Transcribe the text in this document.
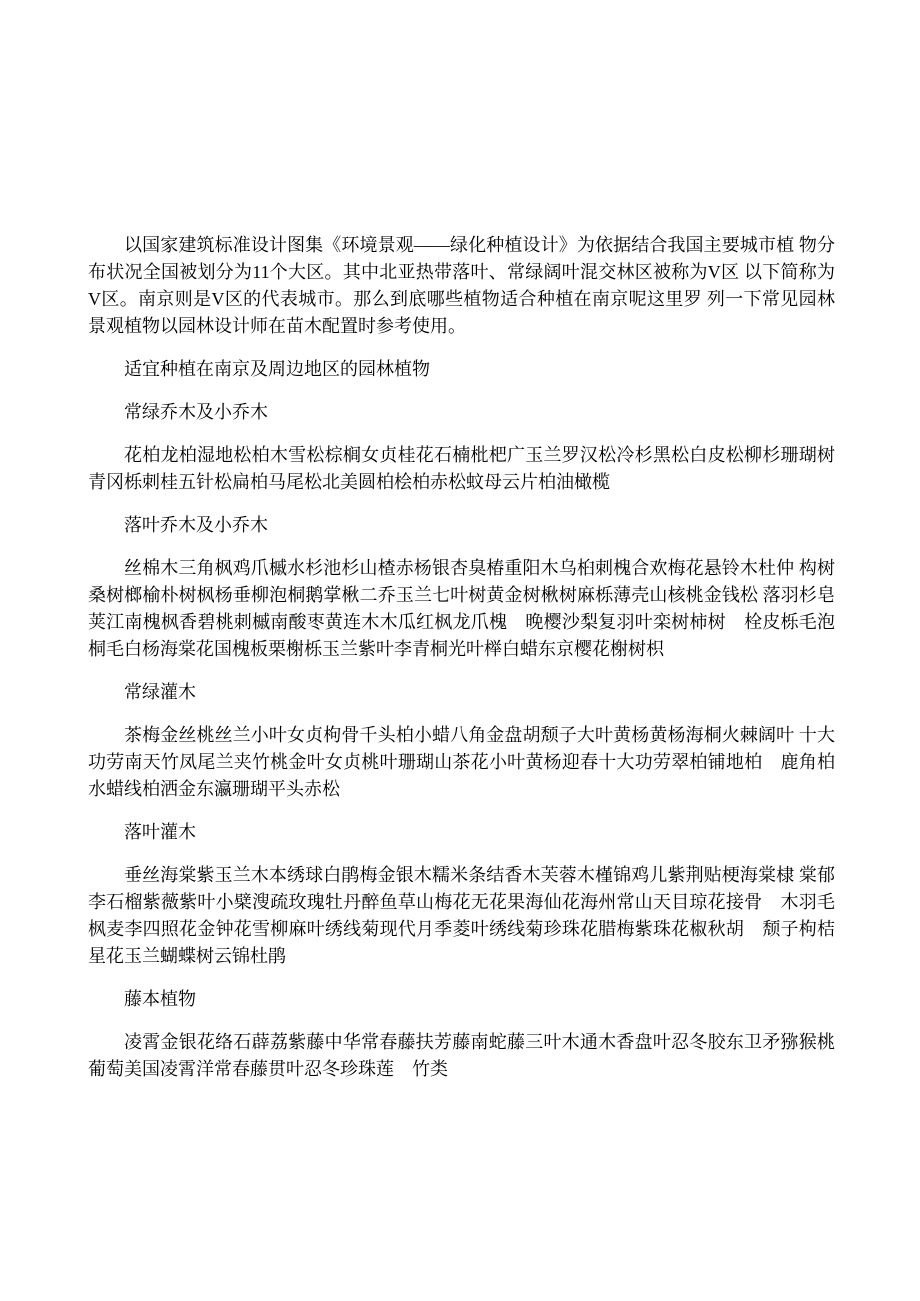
以国家建筑标准设计图集《环境景观——绿化种植设计》为依据结合我国主要城市植 物分布状况全国被划分为11个大区。其中北亚热带落叶、常绿阔叶混交林区被称为V区 以下简称为V区。南京则是V区的代表城市。那么到底哪些植物适合种植在南京呢这里罗 列一下常见园林景观植物以园林设计师在苗木配置时参考使用。

适宜种植在南京及周边地区的园林植物

常绿乔木及小乔木

花柏龙柏湿地松柏木雪松棕榈女贞桂花石楠枇杷广玉兰罗汉松冷杉黑松白皮松柳杉珊瑚树青冈栎刺桂五针松扁柏马尾松北美圆柏桧柏赤松蚊母云片柏油橄榄

落叶乔木及小乔木

丝棉木三角枫鸡爪槭水杉池杉山楂赤杨银杏臭椿重阳木乌桕刺槐合欢梅花悬铃木杜仲 构树桑树榔榆朴树枫杨垂柳泡桐鹅掌楸二乔玉兰七叶树黄金树楸树麻栎薄壳山核桃金钱松 落羽杉皂荚江南槐枫香碧桃刺槭南酸枣黄连木木瓜红枫龙爪槐　晚樱沙梨复羽叶栾树柿树　栓皮栎毛泡桐毛白杨海棠花国槐板栗榭栎玉兰紫叶李青桐光叶榉白蜡东京樱花榭树枳

常绿灌木

茶梅金丝桃丝兰小叶女贞枸骨千头柏小蜡八角金盘胡颓子大叶黄杨黄杨海桐火棘阔叶 十大功劳南天竹凤尾兰夹竹桃金叶女贞桃叶珊瑚山茶花小叶黄杨迎春十大功劳翠柏铺地柏　鹿角柏水蜡线柏洒金东瀛珊瑚平头赤松

落叶灌木

垂丝海棠紫玉兰木本绣球白鹃梅金银木糯米条结香木芙蓉木槿锦鸡儿紫荆贴梗海棠棣 棠郁李石榴紫薇紫叶小檗溲疏玫瑰牡丹醉鱼草山梅花无花果海仙花海州常山天目琼花接骨　木羽毛枫麦李四照花金钟花雪柳麻叶绣线菊现代月季菱叶绣线菊珍珠花腊梅紫珠花椒秋胡　颓子枸桔星花玉兰蝴蝶树云锦杜鹃

藤本植物

凌霄金银花络石薜荔紫藤中华常春藤扶芳藤南蛇藤三叶木通木香盘叶忍冬胶东卫矛猕猴桃葡萄美国凌霄洋常春藤贯叶忍冬珍珠莲　竹类
